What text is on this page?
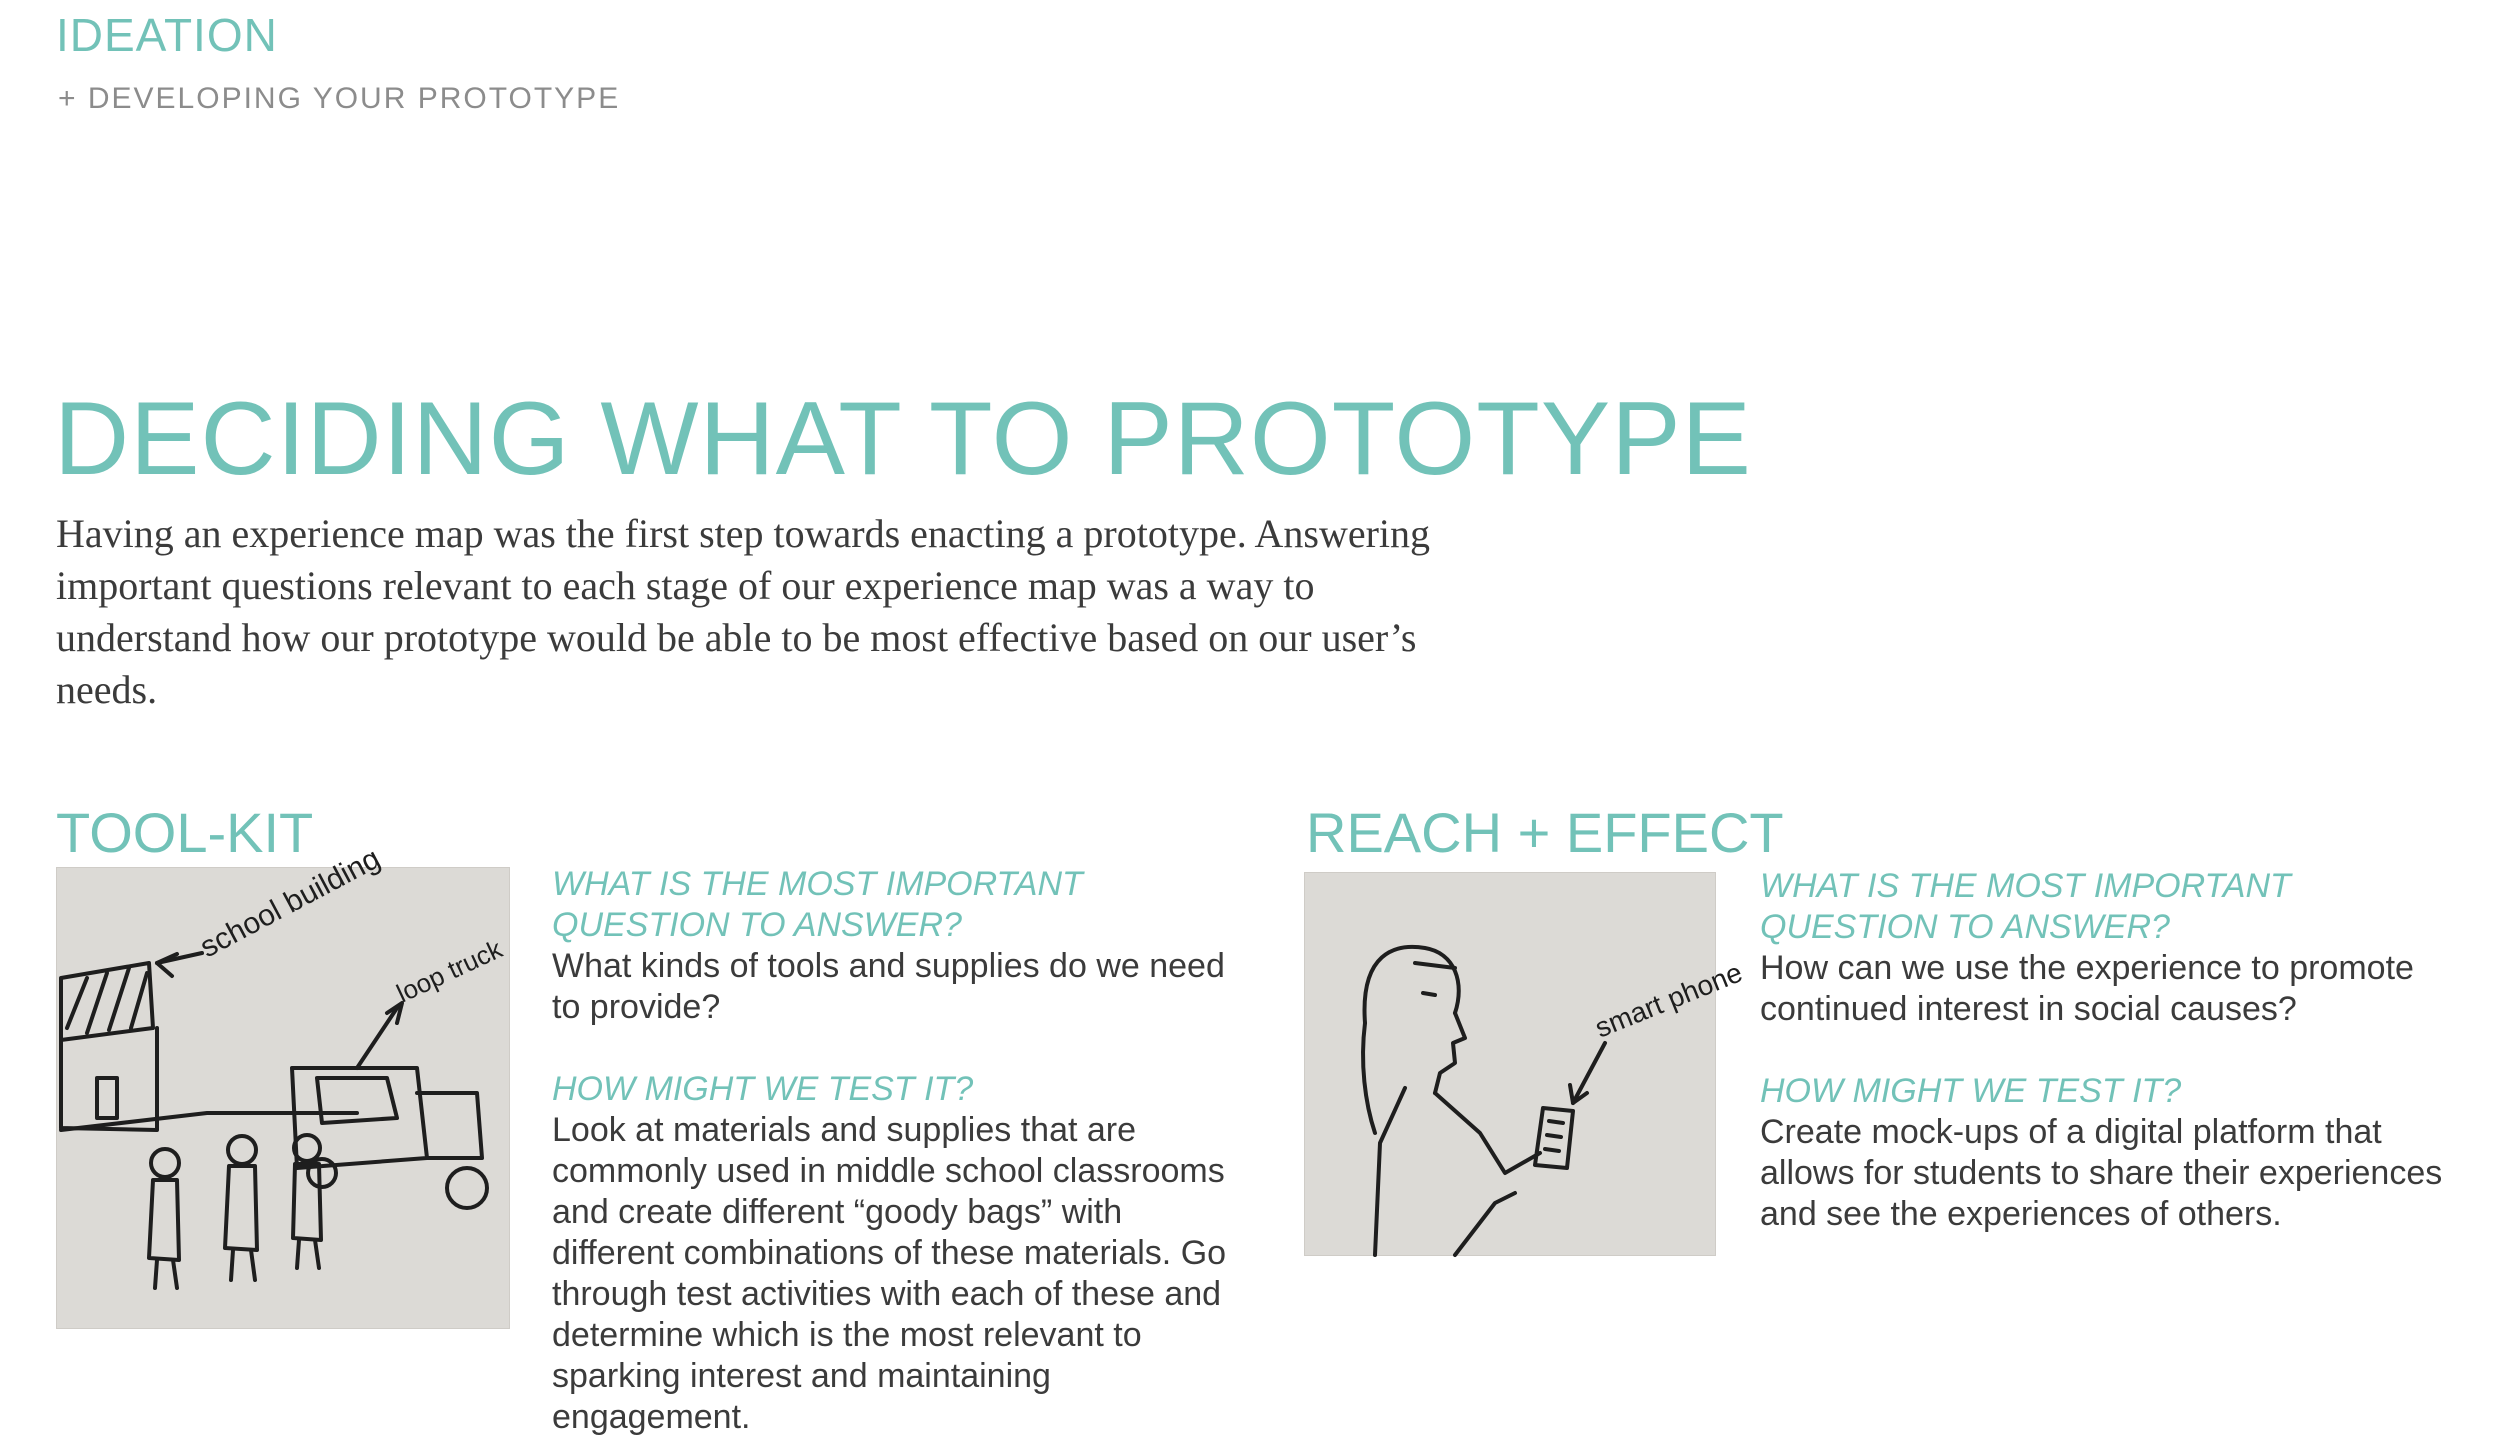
IDEATION
+ DEVELOPING YOUR PROTOTYPE
DECIDING WHAT TO PROTOTYPE
Having an experience map was the first step towards enacting a prototype. Answering important questions relevant to each stage of our experience map was a way to understand how our prototype would be able to be most effective based on our user’s needs.
TOOL-KIT
school building
loop truck
WHAT IS THE MOST IMPORTANT QUESTION TO ANSWER?
What kinds of tools and supplies do we need to provide?
HOW MIGHT WE TEST IT?
Look at materials and supplies that are commonly used in middle school classrooms and create different “goody bags” with different combinations of these materials. Go through test activities with each of these and determine which is the most relevant to sparking interest and maintaining engagement.
REACH + EFFECT
smart phone
WHAT IS THE MOST IMPORTANT QUESTION TO ANSWER?
How can we use the experience to promote continued interest in social causes?
HOW MIGHT WE TEST IT?
Create mock-ups of a digital platform that allows for students to share their experiences and see the experiences of others.
